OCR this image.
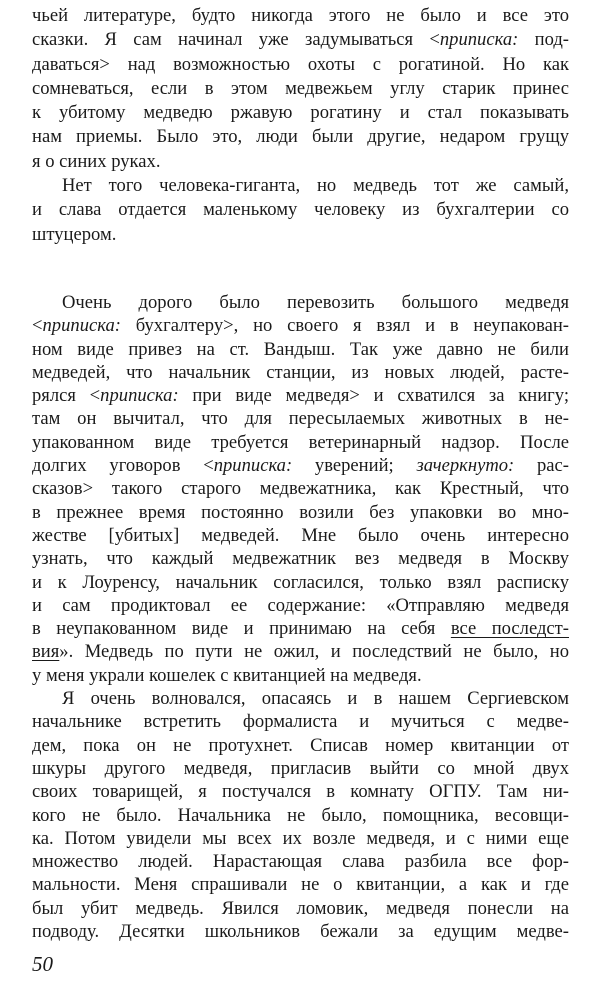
чьей литературе, будто никогда этого не было и все это
сказки. Я сам начинал уже задумываться <приписка: под-
даваться> над возможностью охоты с рогатиной. Но как
сомневаться, если в этом медвежьем углу старик принес
к убитому медведю ржавую рогатину и стал показывать
нам приемы. Было это, люди были другие, недаром грущу
я о синих руках.
Нет того человека-гиганта, но медведь тот же самый,
и слава отдается маленькому человеку из бухгалтерии со
штуцером.
Очень дорого было перевозить большого медведя
<приписка: бухгалтеру>, но своего я взял и в неупакован-
ном виде привез на ст. Вандыш. Так уже давно не били
медведей, что начальник станции, из новых людей, расте-
рялся <приписка: при виде медведя> и схватился за книгу;
там он вычитал, что для пересылаемых животных в не-
упакованном виде требуется ветеринарный надзор. После
долгих уговоров <приписка: уверений; зачеркнуто: рас-
сказов> такого старого медвежатника, как Крестный, что
в прежнее время постоянно возили без упаковки во мно-
жестве [убитых] медведей. Мне было очень интересно
узнать, что каждый медвежатник вез медведя в Москву
и к Лоуренсу, начальник согласился, только взял расписку
и сам продиктовал ее содержание: «Отправляю медведя
в неупакованном виде и принимаю на себя все последст-
вия». Медведь по пути не ожил, и последствий не было, но
у меня украли кошелек с квитанцией на медведя.
Я очень волновался, опасаясь и в нашем Сергиевском
начальнике встретить формалиста и мучиться с медве-
дем, пока он не протухнет. Списав номер квитанции от
шкуры другого медведя, пригласив выйти со мной двух
своих товарищей, я постучался в комнату ОГПУ. Там ни-
кого не было. Начальника не было, помощника, весовщи-
ка. Потом увидели мы всех их возле медведя, и с ними еще
множество людей. Нарастающая слава разбила все фор-
мальности. Меня спрашивали не о квитанции, а как и где
был убит медведь. Явился ломовик, медведя понесли на
подводу. Десятки школьников бежали за едущим медве-
50
